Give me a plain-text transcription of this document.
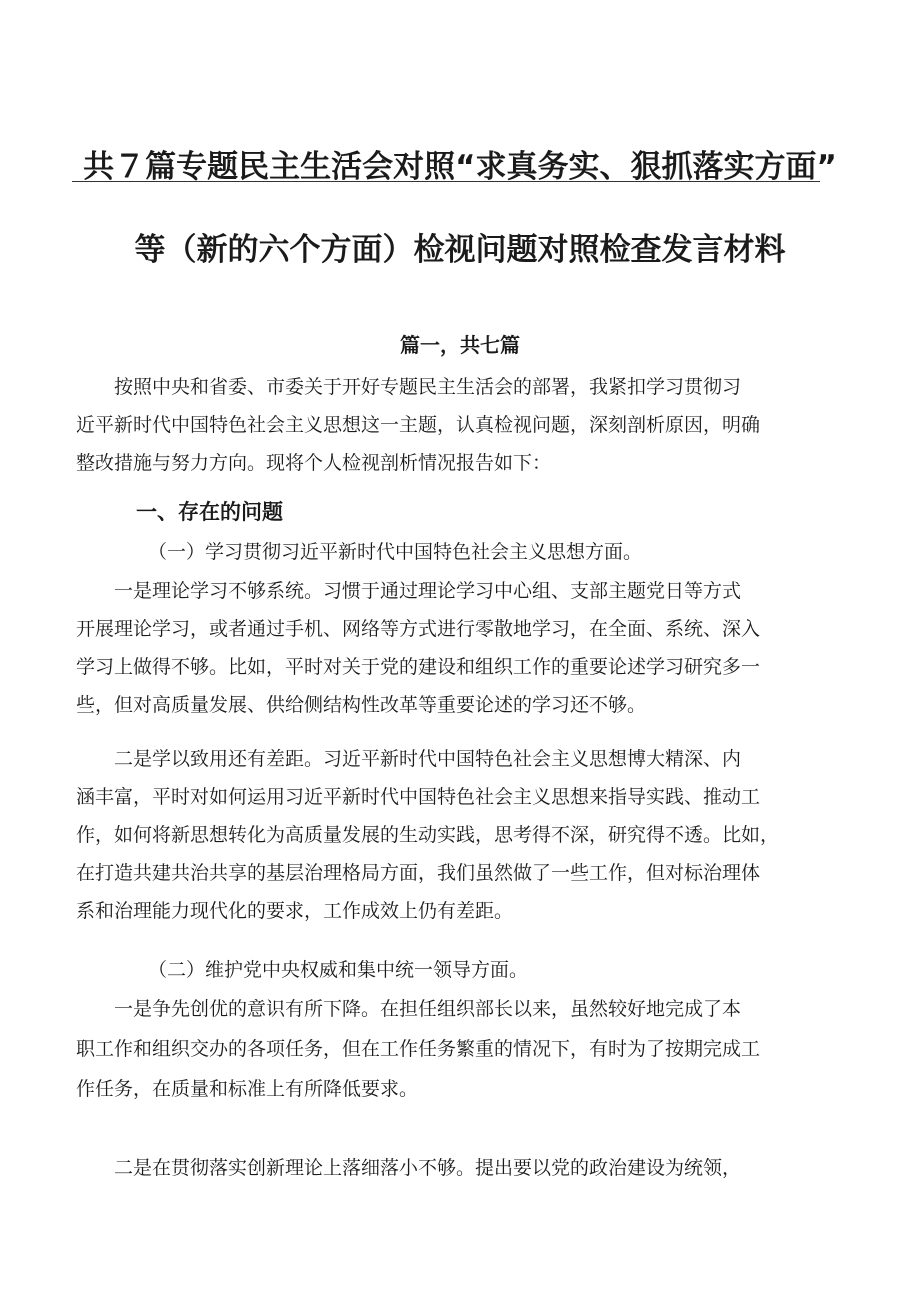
共７篇专题民主生活会对照“求真务实、狠抓落实方面”
等（新的六个方面）检视问题对照检查发言材料
篇一，共七篇
　　按照中央和省委、市委关于开好专题民主生活会的部署，我紧扣学习贯彻习
近平新时代中国特色社会主义思想这一主题，认真检视问题，深刻剖析原因，明确
整改措施与努力方向。现将个人检视剖析情况报告如下：
一、存在的问题
（一）学习贯彻习近平新时代中国特色社会主义思想方面。
　　一是理论学习不够系统。习惯于通过理论学习中心组、支部主题党日等方式
开展理论学习，或者通过手机、网络等方式进行零散地学习，在全面、系统、深入
学习上做得不够。比如，平时对关于党的建设和组织工作的重要论述学习研究多一
些，但对高质量发展、供给侧结构性改革等重要论述的学习还不够。
　　二是学以致用还有差距。习近平新时代中国特色社会主义思想博大精深、内
涵丰富，平时对如何运用习近平新时代中国特色社会主义思想来指导实践、推动工
作，如何将新思想转化为高质量发展的生动实践，思考得不深，研究得不透。比如，
在打造共建共治共享的基层治理格局方面，我们虽然做了一些工作，但对标治理体
系和治理能力现代化的要求，工作成效上仍有差距。
（二）维护党中央权威和集中统一领导方面。
　　一是争先创优的意识有所下降。在担任组织部长以来，虽然较好地完成了本
职工作和组织交办的各项任务，但在工作任务繁重的情况下，有时为了按期完成工
作任务，在质量和标准上有所降低要求。
　　二是在贯彻落实创新理论上落细落小不够。提出要以党的政治建设为统领，
